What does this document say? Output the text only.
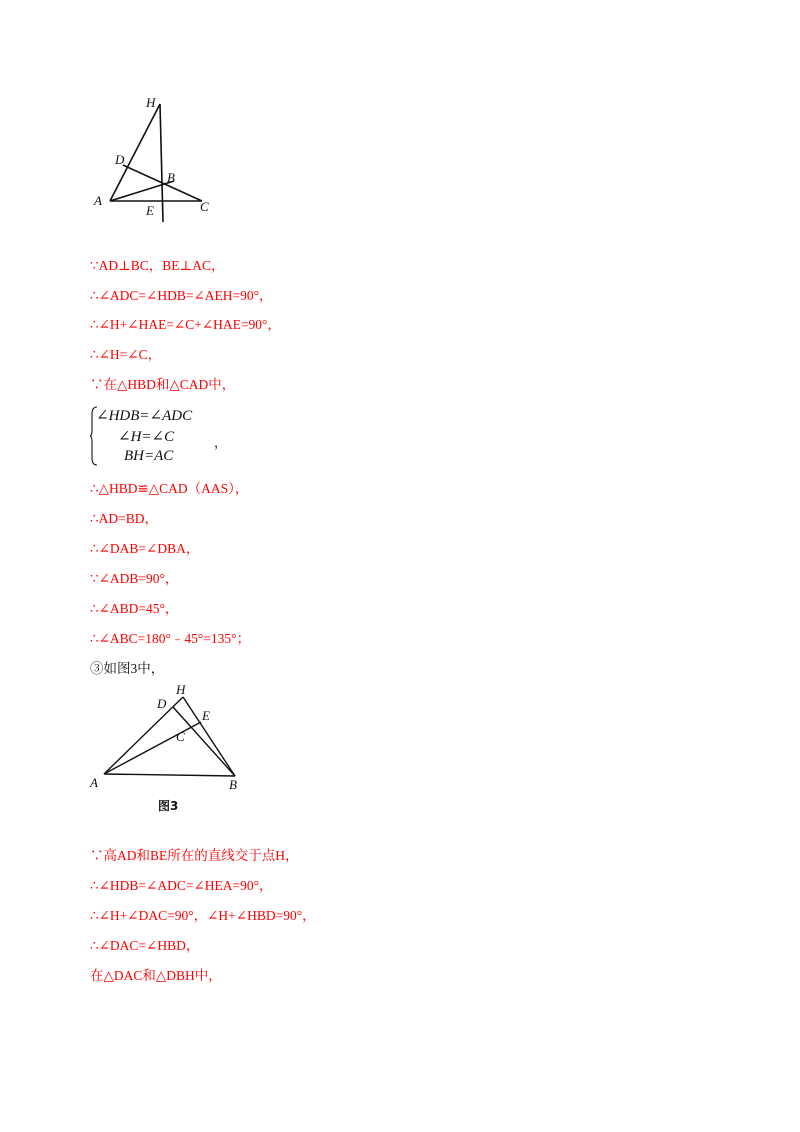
H
D
B
A
E	C
∵AD⊥BC，BE⊥AC，
∴∠ADC=∠HDB=∠AEH=90°，
∴∠H+∠HAE=∠C+∠HAE=90°，
∴∠H=∠C，
∵在△HBD和△CAD中，
∠HDB=∠ADC
∠H=∠C
BH=AC
，
∴△HBD≌△CAD（AAS），
∴AD=BD，
∴∠DAB=∠DBA，
∵∠ADB=90°，
∴∠ABD=45°，
∴∠ABC=180°﹣45°=135°；
③如图3中，
H
D
E
C
A	B
图3
∵高AD和BE所在的直线交于点H，
∴∠HDB=∠ADC=∠HEA=90°，
∴∠H+∠DAC=90°，∠H+∠HBD=90°，
∴∠DAC=∠HBD，
在△DAC和△DBH中，
